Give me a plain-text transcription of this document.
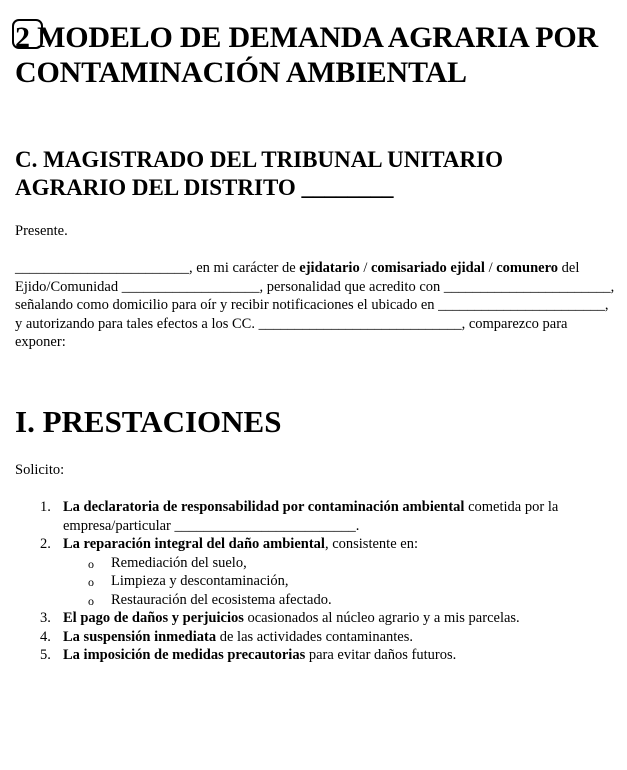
2 MODELO DE DEMANDA AGRARIA POR CONTAMINACIÓN AMBIENTAL
C. MAGISTRADO DEL TRIBUNAL UNITARIO AGRARIO DEL DISTRITO ________

Presente.

________________________, en mi carácter de ejidatario / comisariado ejidal / comunero del Ejido/Comunidad ___________________, personalidad que acredito con _______________________, señalando como domicilio para oír y recibir notificaciones el ubicado en _______________________, y autorizando para tales efectos a los CC. ____________________________, comparezco para exponer:

I. PRESTACIONES

Solicito:

1. La declaratoria de responsabilidad por contaminación ambiental cometida por la empresa/particular _________________________.
2. La reparación integral del daño ambiental, consistente en:
o Remediación del suelo,
o Limpieza y descontaminación,
o Restauración del ecosistema afectado.
3. El pago de daños y perjuicios ocasionados al núcleo agrario y a mis parcelas.
4. La suspensión inmediata de las actividades contaminantes.
5. La imposición de medidas precautorias para evitar daños futuros.
